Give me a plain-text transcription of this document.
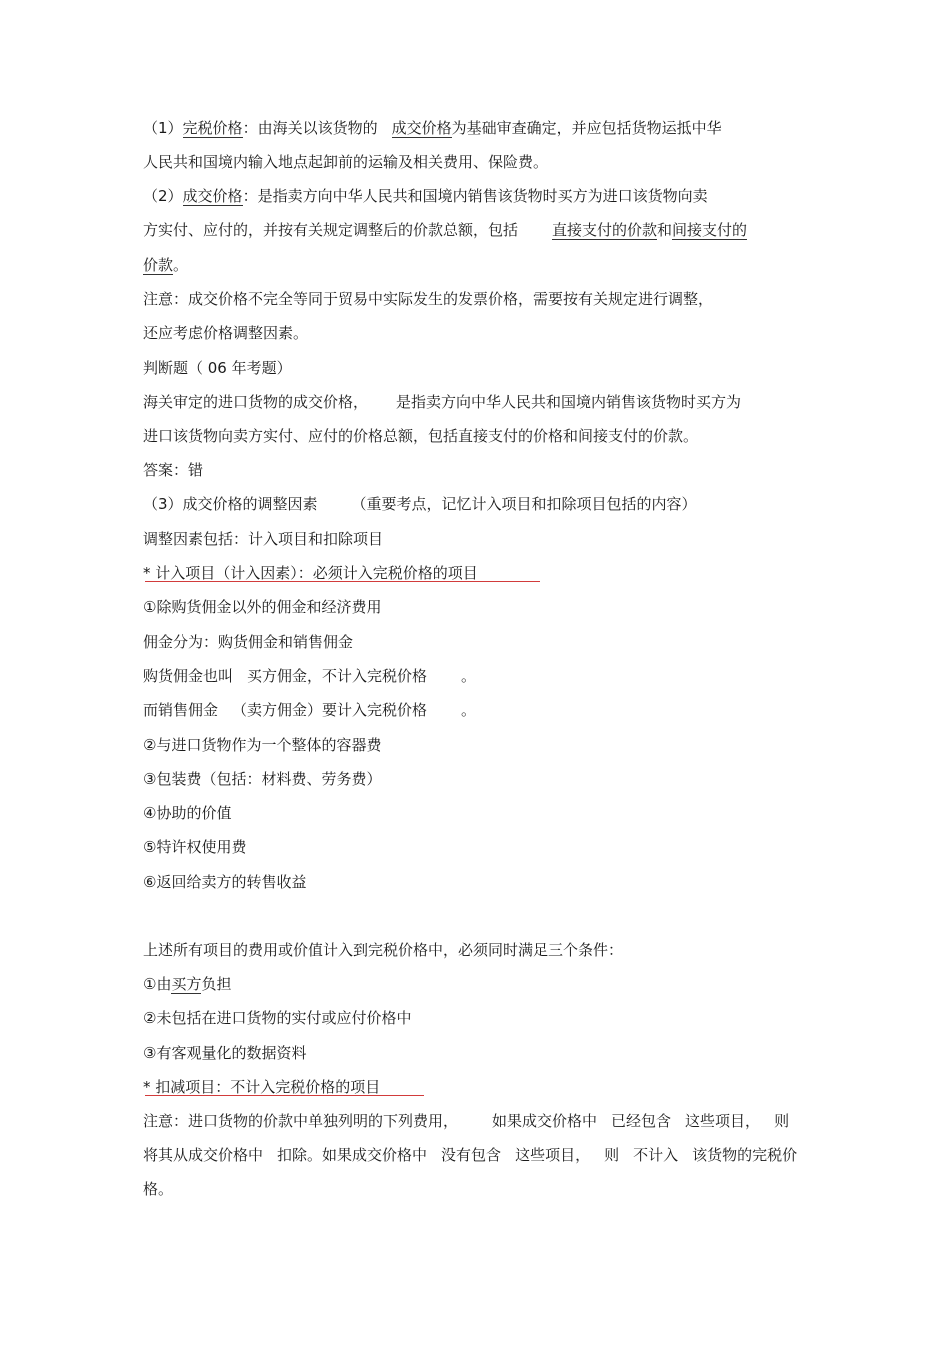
（1）完税价格：由海关以该货物的 成交价格为基础审查确定，并应包括货物运抵中华
人民共和国境内输入地点起卸前的运输及相关费用、保险费。
（2）成交价格：是指卖方向中华人民共和国境内销售该货物时买方为进口该货物向卖
方实付、应付的，并按有关规定调整后的价款总额，包括 直接支付的价款和间接支付的
价款。
注意：成交价格不完全等同于贸易中实际发生的发票价格，需要按有关规定进行调整，
还应考虑价格调整因素。
判断题（ 06 年考题）
海关审定的进口货物的成交价格， 是指卖方向中华人民共和国境内销售该货物时买方为
进口该货物向卖方实付、应付的价格总额，包括直接支付的价格和间接支付的价款。
答案：错
（3）成交价格的调整因素 （重要考点，记忆计入项目和扣除项目包括的内容）
调整因素包括：计入项目和扣除项目
* 计入项目（计入因素）：必须计入完税价格的项目
①除购货佣金以外的佣金和经济费用
佣金分为：购货佣金和销售佣金
购货佣金也叫 买方佣金，不计入完税价格 。
而销售佣金 （卖方佣金）要计入完税价格 。
②与进口货物作为一个整体的容器费
③包装费（包括：材料费、劳务费）
④协助的价值
⑤特许权使用费
⑥返回给卖方的转售收益
上述所有项目的费用或价值计入到完税价格中，必须同时满足三个条件：
①由买方负担
②未包括在进口货物的实付或应付价格中
③有客观量化的数据资料
* 扣减项目：不计入完税价格的项目
注意：进口货物的价款中单独列明的下列费用， 如果成交价格中 已经包含 这些项目， 则
将其从成交价格中 扣除。如果成交价格中 没有包含 这些项目， 则 不计入 该货物的完税价
格。
